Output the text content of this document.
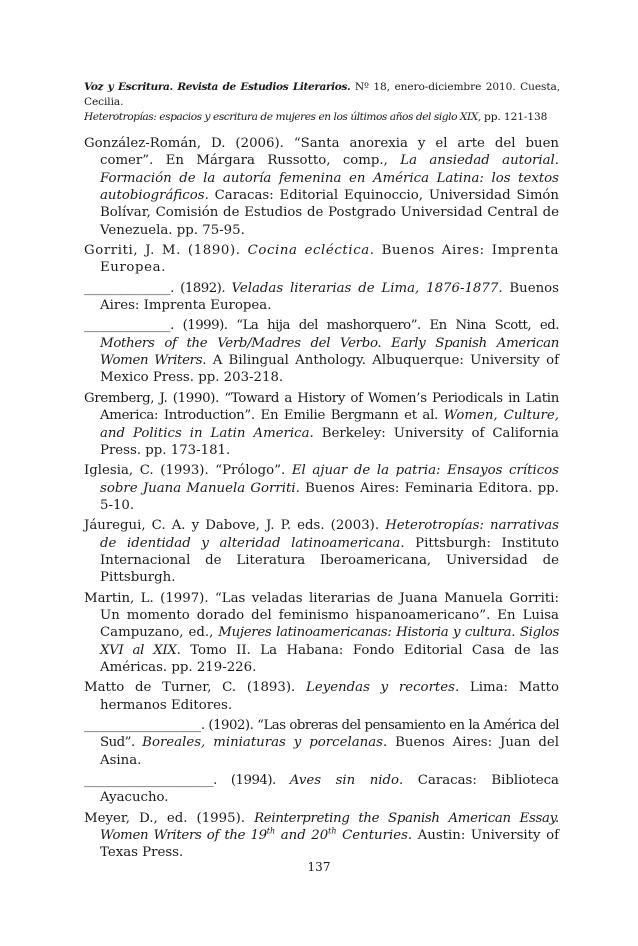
Voz y Escritura. Revista de Estudios Literarios. Nº 18, enero-diciembre 2010. Cuesta, Cecilia.
Heterotropías: espacios y escritura de mujeres en los últimos años del siglo XIX, pp. 121-138

González-Román, D. (2006). “Santa anorexia y el arte del buen comer”. En Márgara Russotto, comp., La ansiedad autorial. Formación de la autoría femenina en América Latina: los textos autobiográficos. Caracas: Editorial Equinoccio, Universidad Simón Bolívar, Comisión de Estudios de Postgrado Universidad Central de Venezuela. pp. 75-95.

Gorriti, J. M. (1890). Cocina ecléctica. Buenos Aires: Imprenta Europea.

______________. (1892). Veladas literarias de Lima, 1876-1877. Buenos Aires: Imprenta Europea.

______________. (1999). “La hija del mashorquero”. En Nina Scott, ed. Mothers of the Verb/Madres del Verbo. Early Spanish American Women Writers. A Bilingual Anthology. Albuquerque: University of Mexico Press. pp. 203-218.

Gremberg, J. (1990). “Toward a History of Women’s Periodicals in Latin America: Introduction”. En Emilie Bergmann et al. Women, Culture, and Politics in Latin America. Berkeley: University of California Press. pp. 173-181.

Iglesia, C. (1993). “Prólogo”. El ajuar de la patria: Ensayos críticos sobre Juana Manuela Gorriti. Buenos Aires: Feminaria Editora. pp. 5-10.

Jáuregui, C. A. y Dabove, J. P. eds. (2003). Heterotropías: narrativas de identidad y alteridad latinoamericana. Pittsburgh: Instituto Internacional de Literatura Iberoamericana, Universidad de Pittsburgh.

Martin, L. (1997). “Las veladas literarias de Juana Manuela Gorriti: Un momento dorado del feminismo hispanoamericano”. En Luisa Campuzano, ed., Mujeres latinoamericanas: Historia y cultura. Siglos XVI al XIX. Tomo II. La Habana: Fondo Editorial Casa de las Américas. pp. 219-226.

Matto de Turner, C. (1893). Leyendas y recortes. Lima: Matto hermanos Editores.

___________________. (1902). “Las obreras del pensamiento en la América del Sud”. Boreales, miniaturas y porcelanas. Buenos Aires: Juan del Asina.

_____________________. (1994). Aves sin nido. Caracas: Biblioteca Ayacucho.

Meyer, D., ed. (1995). Reinterpreting the Spanish American Essay. Women Writers of the 19th and 20th Centuries. Austin: University of Texas Press.

137
